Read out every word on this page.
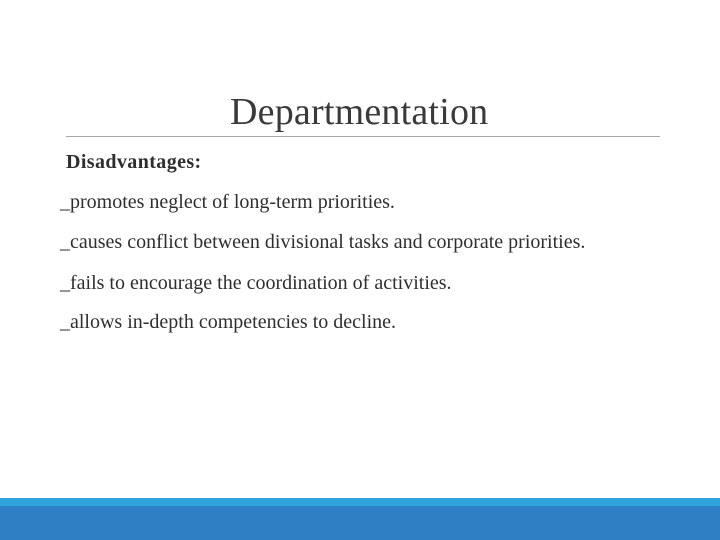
Departmentation
Disadvantages:
_promotes neglect of long-term priorities.
_causes conflict between divisional tasks and corporate priorities.
_fails to encourage the coordination of activities.
_allows in-depth competencies to decline.
